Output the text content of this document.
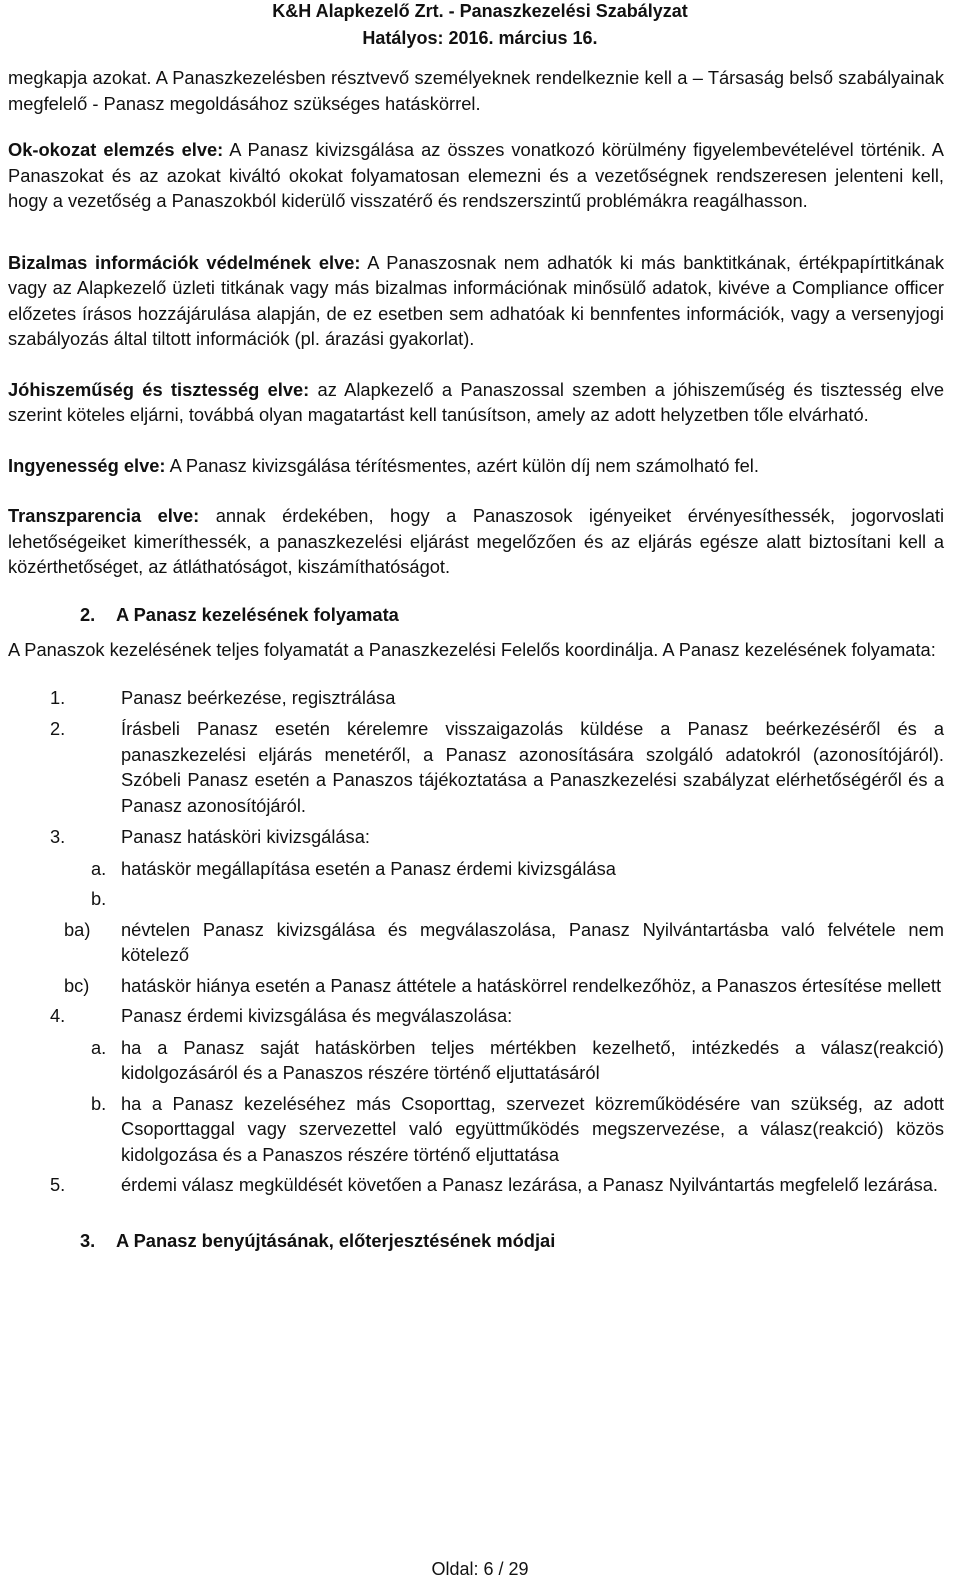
K&H Alapkezelő Zrt. - Panaszkezelési Szabályzat
Hatályos: 2016. március 16.

megkapja azokat. A Panaszkezelésben résztvevő személyeknek rendelkeznie kell a – Társaság belső szabályainak megfelelő - Panasz megoldásához szükséges hatáskörrel.

Ok-okozat elemzés elve: A Panasz kivizsgálása az összes vonatkozó körülmény figyelembevételével történik. A Panaszokat és az azokat kiváltó okokat folyamatosan elemezni és a vezetőségnek rendszeresen jelenteni kell, hogy a vezetőség a Panaszokból kiderülő visszatérő és rendszerszintű problémákra reagálhasson.

Bizalmas információk védelmének elve: A Panaszosnak nem adhatók ki más banktitkának, értékpapírtitkának vagy az Alapkezelő üzleti titkának vagy más bizalmas információnak minősülő adatok, kivéve a Compliance officer előzetes írásos hozzájárulása alapján, de ez esetben sem adhatóak ki bennfentes információk, vagy a versenyjogi szabályozás által tiltott információk (pl. árazási gyakorlat).

Jóhiszeműség és tisztesség elve: az Alapkezelő a Panaszossal szemben a jóhiszeműség és tisztesség elve szerint köteles eljárni, továbbá olyan magatartást kell tanúsítson, amely az adott helyzetben tőle elvárható.

Ingyenesség elve: A Panasz kivizsgálása térítésmentes, azért külön díj nem számolható fel.

Transzparencia elve: annak érdekében, hogy a Panaszosok igényeiket érvényesíthessék, jogorvoslati lehetőségeiket kimeríthessék, a panaszkezelési eljárást megelőzően és az eljárás egésze alatt biztosítani kell a közérthetőséget, az átláthatóságot, kiszámíthatóságot.

2. A Panasz kezelésének folyamata

A Panaszok kezelésének teljes folyamatát a Panaszkezelési Felelős koordinálja. A Panasz kezelésének folyamata:

1.	Panasz beérkezése, regisztrálása
2.	Írásbeli Panasz esetén kérelemre visszaigazolás küldése a Panasz beérkezéséről és a panaszkezelési eljárás menetéről, a Panasz azonosítására szolgáló adatokról (azonosítójáról). Szóbeli Panasz esetén a Panaszos tájékoztatása a Panaszkezelési szabályzat elérhetőségéről és a Panasz azonosítójáról.
3.	Panasz hatásköri kivizsgálása:
a. hatáskör megállapítása esetén a Panasz érdemi kivizsgálása
b.

ba) névtelen Panasz kivizsgálása és megválaszolása, Panasz Nyilvántartásba való felvétele nem kötelező
bc) hatáskör hiánya esetén a Panasz áttétele a hatáskörrel rendelkezőhöz, a Panaszos értesítése mellett
4.	Panasz érdemi kivizsgálása és megválaszolása:
a. ha a Panasz saját hatáskörben teljes mértékben kezelhető, intézkedés a válasz(reakció) kidolgozásáról és a Panaszos részére történő eljuttatásáról
b. ha a Panasz kezeléséhez más Csoporttag, szervezet közreműködésére van szükség, az adott Csoporttaggal vagy szervezettel való együttműködés megszervezése, a válasz(reakció) közös kidolgozása és a Panaszos részére történő eljuttatása
5.	érdemi válasz megküldését követően a Panasz lezárása, a Panasz Nyilvántartás megfelelő lezárása.
3. A Panasz benyújtásának, előterjesztésének módjai
Oldal: 6 / 29
